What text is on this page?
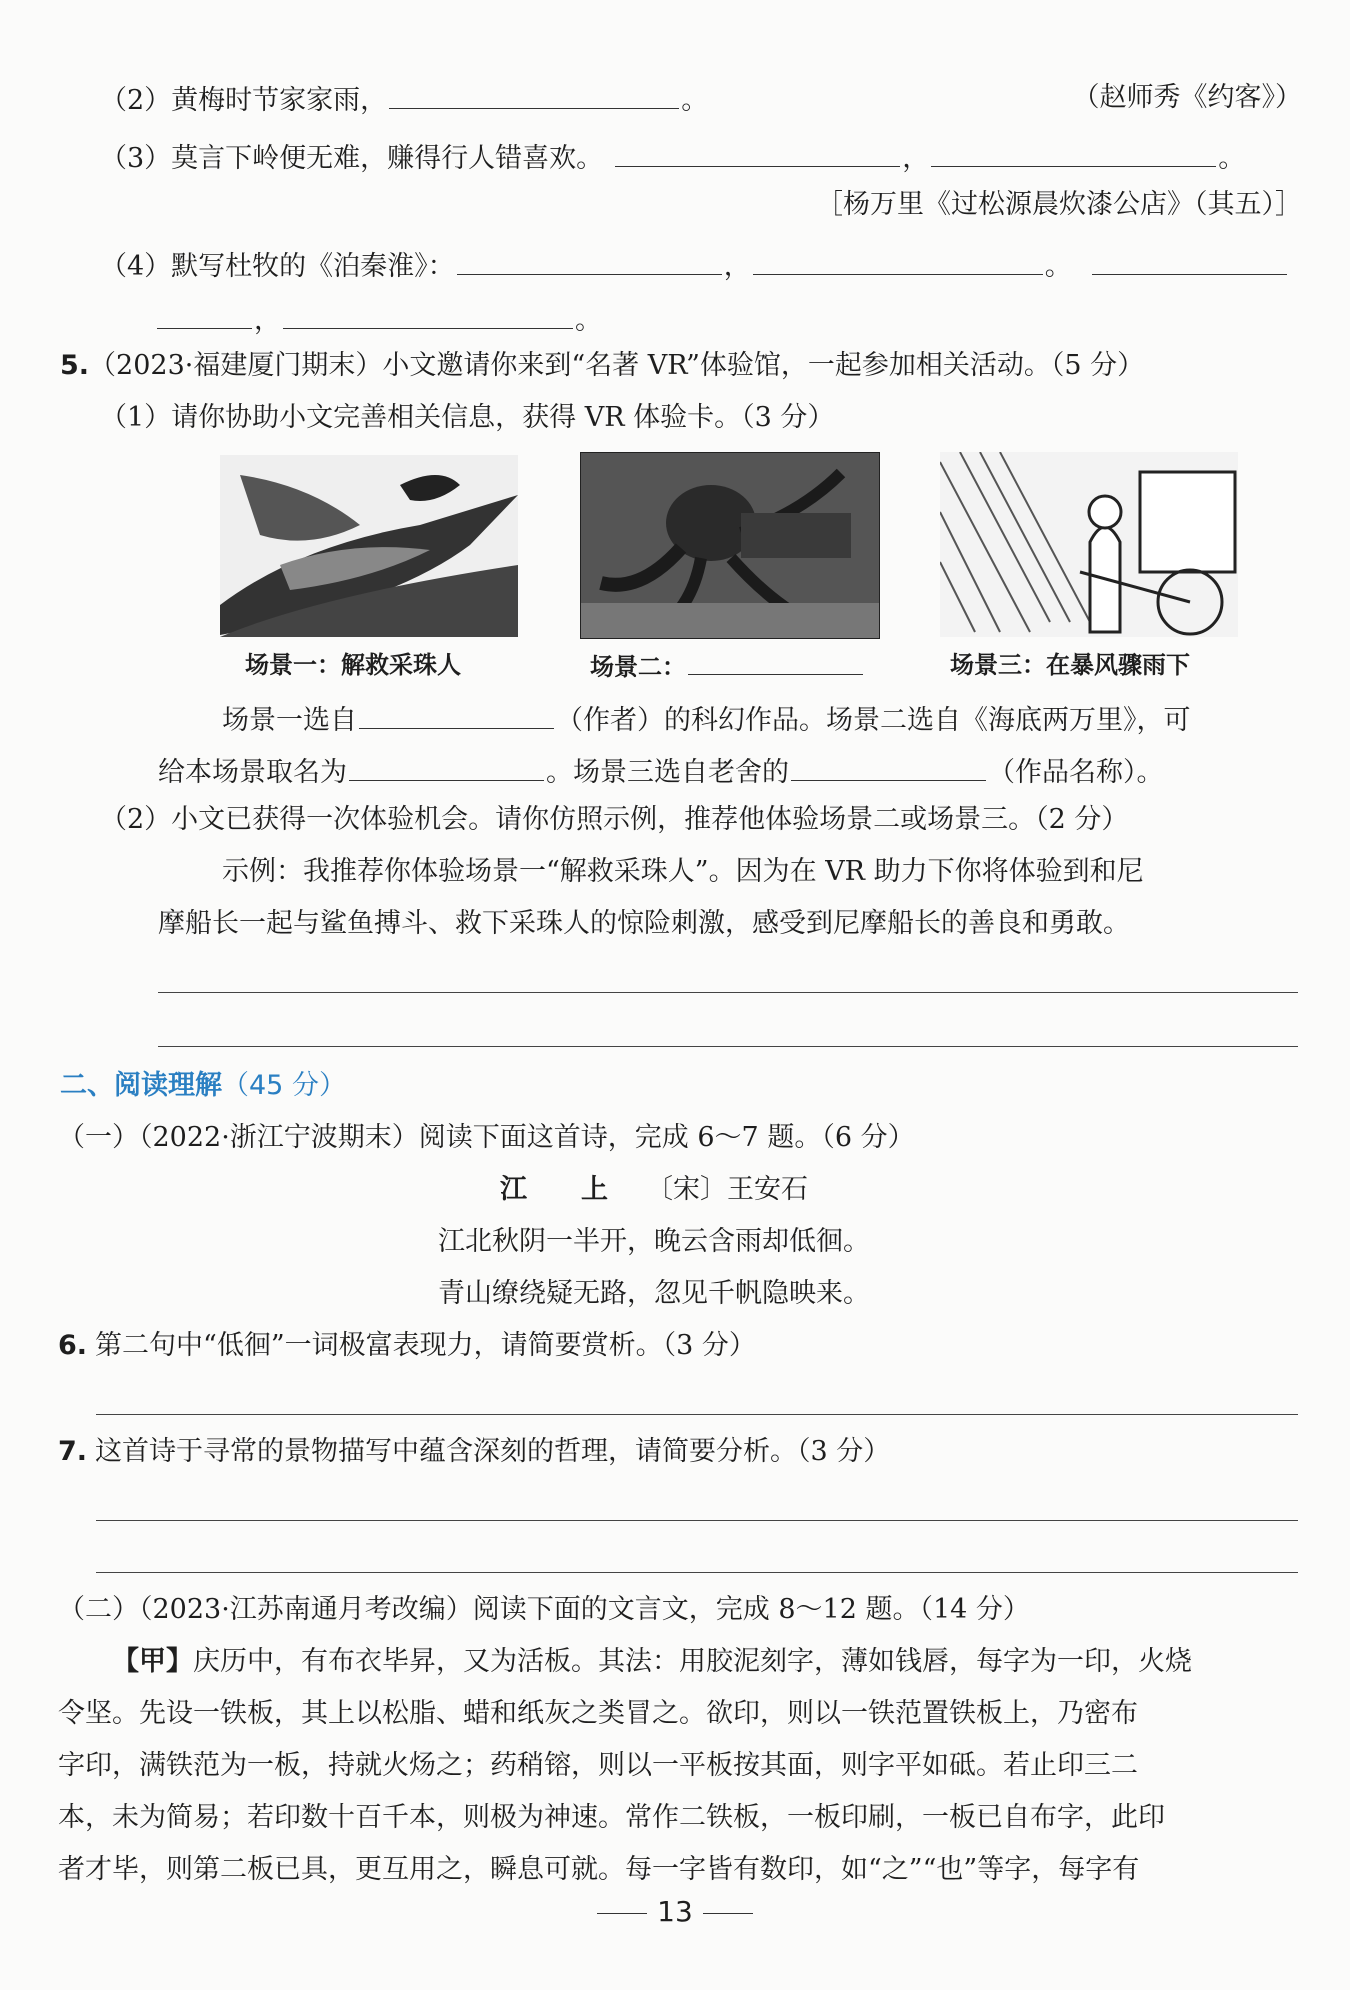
（2）黄梅时节家家雨，	。	（赵师秀《约客》）
（3）莫言下岭便无难，赚得行人错喜欢。	，	。
［杨万里《过松源晨炊漆公店》（其五）］
（4）默写杜牧的《泊秦淮》：	，	。
，	。
5.（2023·福建厦门期末）小文邀请你来到“名著 VR”体验馆，一起参加相关活动。（5 分）
（1）请你协助小文完善相关信息，获得 VR 体验卡。（3 分）
场景一：解救采珠人	场景二：	场景三：在暴风骤雨下
场景一选自	（作者）的科幻作品。场景二选自《海底两万里》，可
给本场景取名为	。场景三选自老舍的	（作品名称）。
（2）小文已获得一次体验机会。请你仿照示例，推荐他体验场景二或场景三。（2 分）
示例：我推荐你体验场景一“解救采珠人”。因为在 VR 助力下你将体验到和尼
摩船长一起与鲨鱼搏斗、救下采珠人的惊险刺激，感受到尼摩船长的善良和勇敢。
二、阅读理解（45 分）
（一）（2022·浙江宁波期末）阅读下面这首诗，完成 6～7 题。（6 分）
江　　上 〔宋〕王安石
江北秋阴一半开，晚云含雨却低徊。
青山缭绕疑无路，忽见千帆隐映来。
6. 第二句中“低徊”一词极富表现力，请简要赏析。（3 分）
7. 这首诗于寻常的景物描写中蕴含深刻的哲理，请简要分析。（3 分）
（二）（2023·江苏南通月考改编）阅读下面的文言文，完成 8～12 题。（14 分）
【甲】庆历中，有布衣毕昇，又为活板。其法：用胶泥刻字，薄如钱唇，每字为一印，火烧
令坚。先设一铁板，其上以松脂、蜡和纸灰之类冒之。欲印，则以一铁范置铁板上，乃密布
字印，满铁范为一板，持就火炀之；药稍镕，则以一平板按其面，则字平如砥。若止印三二
本，未为简易；若印数十百千本，则极为神速。常作二铁板，一板印刷，一板已自布字，此印
者才毕，则第二板已具，更互用之，瞬息可就。每一字皆有数印，如“之”“也”等字，每字有
13
